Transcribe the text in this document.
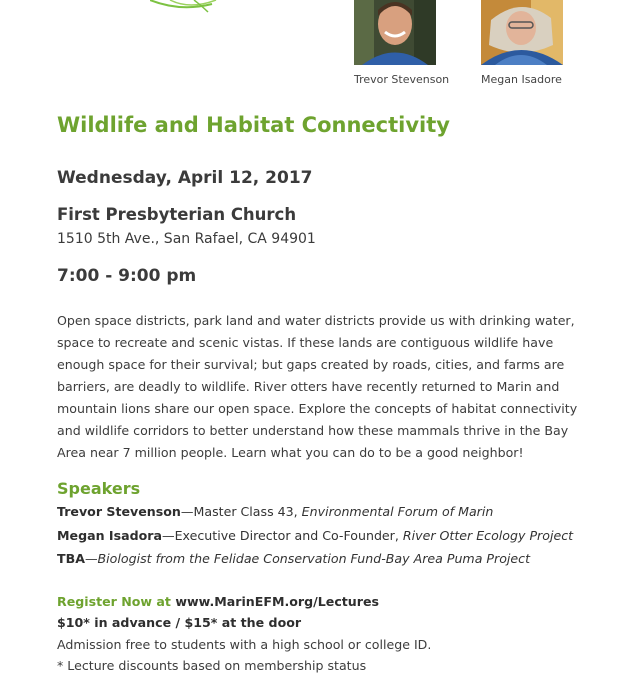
Trevor Stevenson	Megan Isadore
Wildlife and Habitat Connectivity
Wednesday, April 12, 2017
First Presbyterian Church
1510 5th Ave., San Rafael, CA 94901
7:00 - 9:00 pm

Open space districts, park land and water districts provide us with drinking water,
space to recreate and scenic vistas. If these lands are contiguous wildlife have
enough space for their survival; but gaps created by roads, cities, and farms are
barriers, are deadly to wildlife. River otters have recently returned to Marin and
mountain lions share our open space. Explore the concepts of habitat connectivity
and wildlife corridors to better understand how these mammals thrive in the Bay
Area near 7 million people. Learn what you can do to be a good neighbor!

Speakers
Trevor Stevenson—Master Class 43, Environmental Forum of Marin
Megan Isadora—Executive Director and Co-Founder, River Otter Ecology Project
TBA—Biologist from the Felidae Conservation Fund-Bay Area Puma Project
Register Now at www.MarinEFM.org/Lectures
$10* in advance / $15* at the door
Admission free to students with a high school or college ID.
* Lecture discounts based on membership status
